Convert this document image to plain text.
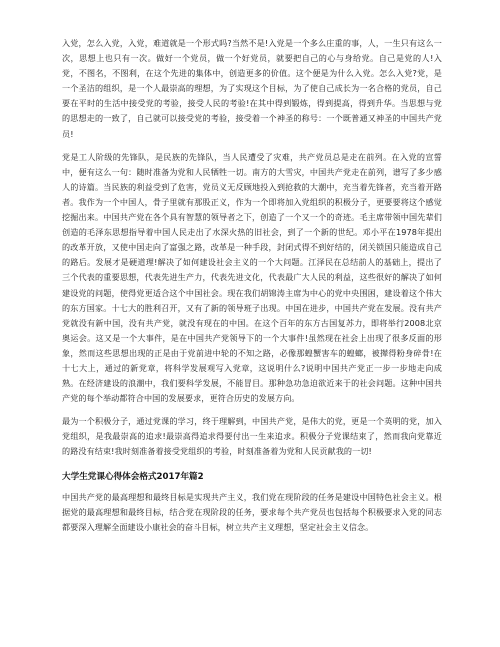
入党，怎么入党，入党，难道就是一个形式吗?当然不是!入党是一个多么庄重的事，人，一生只有这么一次，思想上也只有一次。做好一个党员，做一个好党员，就要把自己的心与身给党。自己是党的人!入党，不图名，不图利，在这个先进的集体中，创造更多的价值。这个便是为什么入党。怎么入党?党，是一个圣洁的组织，是一个人最崇高的理想，为了实现这个目标，为了使自己成长为一名合格的党员，自己要在平时的生活中接受党的考验，接受人民的考验!在其中得到锻炼，得到提高，得到升华。当思想与党的思想走的一致了，自己就可以接受党的考验，接受着一个神圣的称号：一个既普通又神圣的中国共产党员!

党是工人阶级的先锋队，是民族的先锋队，当人民遭受了灾难，共产党员总是走在前列。在入党的宣誓中，便有这么一句：随时准备为党和人民牺牲一切。南方的大雪灾，中国共产党走在前列，谱写了多少感人的诗篇。当民族的利益受到了危害，党员义无反顾地投入到抢救的大潮中，充当着先锋者，充当着开路者。我作为一个中国人，骨子里就有那股正义，作为一个即将加入党组织的积极分子，更要要将这个感觉挖掘出来。中国共产党在各个具有智慧的领导者之下，创造了一个又一个的奇迹。毛主席带领中国先辈们创造的毛泽东思想指导着中国人民走出了水深火热的旧社会，到了一个新的世纪。邓小平在1978年提出的改革开放，又使中国走向了富强之路，改革是一种手段，封闭式得不到好结的，闭关锁国只能造成自己的路后。发展才是硬道理!解决了如何建设社会主义的一个大问题。江泽民在总结前人的基础上，提出了三个代表的重要思想，代表先进生产力，代表先进文化，代表最广大人民的利益，这些很好的解决了如何建设党的问题，使得党更适合这个中国社会。现在我们胡锦涛主席为中心的党中央围困，建设着这个伟大的东方国家。十七大的胜利召开，又有了新的领导班子出现。中国在进步，中国共产党在发展。没有共产党就没有新中国，没有共产党，就没有现在的中国。在这个百年的东方古国复苏力，即将举行2008北京奥运会。这又是一个大事件，是在中国共产党领导下的一个大事件!虽然现在社会上出现了很多反面的形象，然而这些思想出现的正是由于党前进中轮的不知之路，必像那蝗蟹害车的蝗螂，被撵得粉身碎骨!在十七大上，通过的新党章，将科学发展观写入党章，这说明什么?说明中国共产党正一步一步地走向成熟。在经济建设的浪潮中，我们要科学发展，不能冒目。那种急功急迫欲近来于的社会问题。这种中国共产党的每个举动都符合中国的发展要求，更符合历史的发展方向。

最为一个积极分子，通过党课的学习，终于理解到，中国共产党，是伟大的党，更是一个英明的党，加入党组织，是我最崇高的追求!最崇高得追求得要付出一生来追求。积极分子党课结束了，然而我向党靠近的路没有结束!我时刻准备着接受党组织的考验，时刻准备着为党和人民贡献我的一切!

大学生党课心得体会格式2017年篇2

中国共产党的最高理想和最终目标是实现共产主义，我们党在现阶段的任务是建设中国特色社会主义。根据党的最高理想和最终目标，结合党在现阶段的任务，要求每个共产党员也包括每个积极要求入党的同志都要深入理解全面建设小康社会的奋斗目标，树立共产主义理想，坚定社会主义信念。
